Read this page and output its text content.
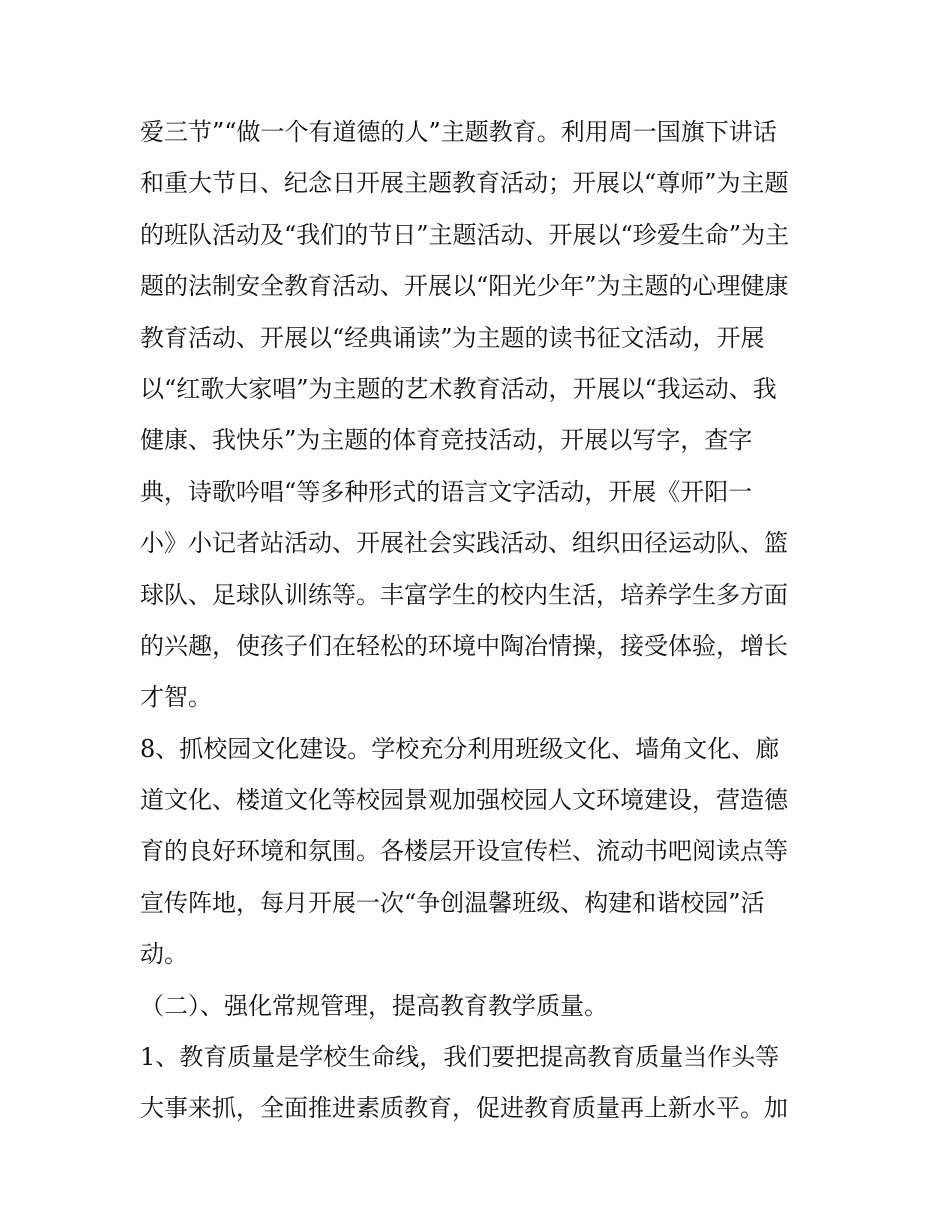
爱三节”“做一个有道德的人”主题教育。利用周一国旗下讲话
和重大节日、纪念日开展主题教育活动；开展以“尊师”为主题
的班队活动及“我们的节日”主题活动、开展以“珍爱生命”为主
题的法制安全教育活动、开展以“阳光少年”为主题的心理健康
教育活动、开展以“经典诵读”为主题的读书征文活动，开展
以“红歌大家唱”为主题的艺术教育活动，开展以“我运动、我
健康、我快乐”为主题的体育竞技活动，开展以写字，查字
典，诗歌吟唱“等多种形式的语言文字活动，开展《开阳一
小》小记者站活动、开展社会实践活动、组织田径运动队、篮
球队、足球队训练等。丰富学生的校内生活，培养学生多方面
的兴趣，使孩子们在轻松的环境中陶冶情操，接受体验，增长
才智。
8、抓校园文化建设。学校充分利用班级文化、墙角文化、廊
道文化、楼道文化等校园景观加强校园人文环境建设，营造德
育的良好环境和氛围。各楼层开设宣传栏、流动书吧阅读点等
宣传阵地，每月开展一次“争创温馨班级、构建和谐校园”活
动。
（二）、强化常规管理，提高教育教学质量。
1、教育质量是学校生命线，我们要把提高教育质量当作头等
大事来抓，全面推进素质教育，促进教育质量再上新水平。加
